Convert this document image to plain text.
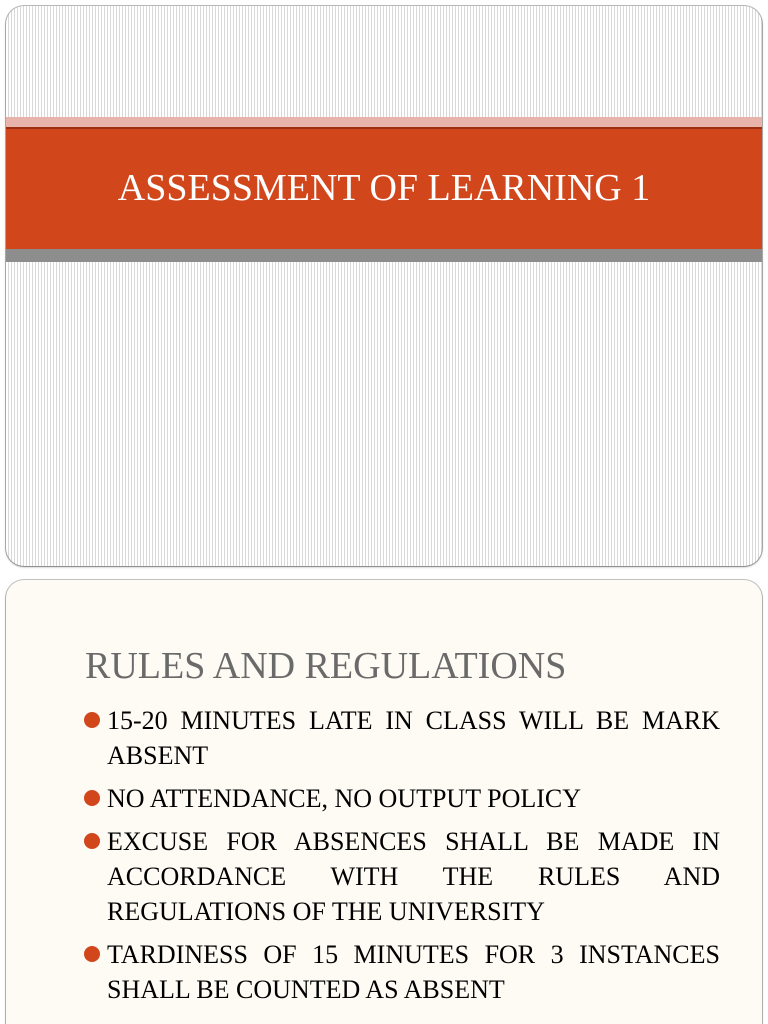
ASSESSMENT OF LEARNING 1
RULES AND REGULATIONS
15-20 MINUTES LATE IN CLASS WILL BE MARK ABSENT
NO ATTENDANCE, NO OUTPUT POLICY
EXCUSE FOR ABSENCES SHALL BE MADE IN ACCORDANCE WITH THE RULES AND REGULATIONS OF THE UNIVERSITY
TARDINESS OF 15 MINUTES FOR 3 INSTANCES SHALL BE COUNTED AS ABSENT
